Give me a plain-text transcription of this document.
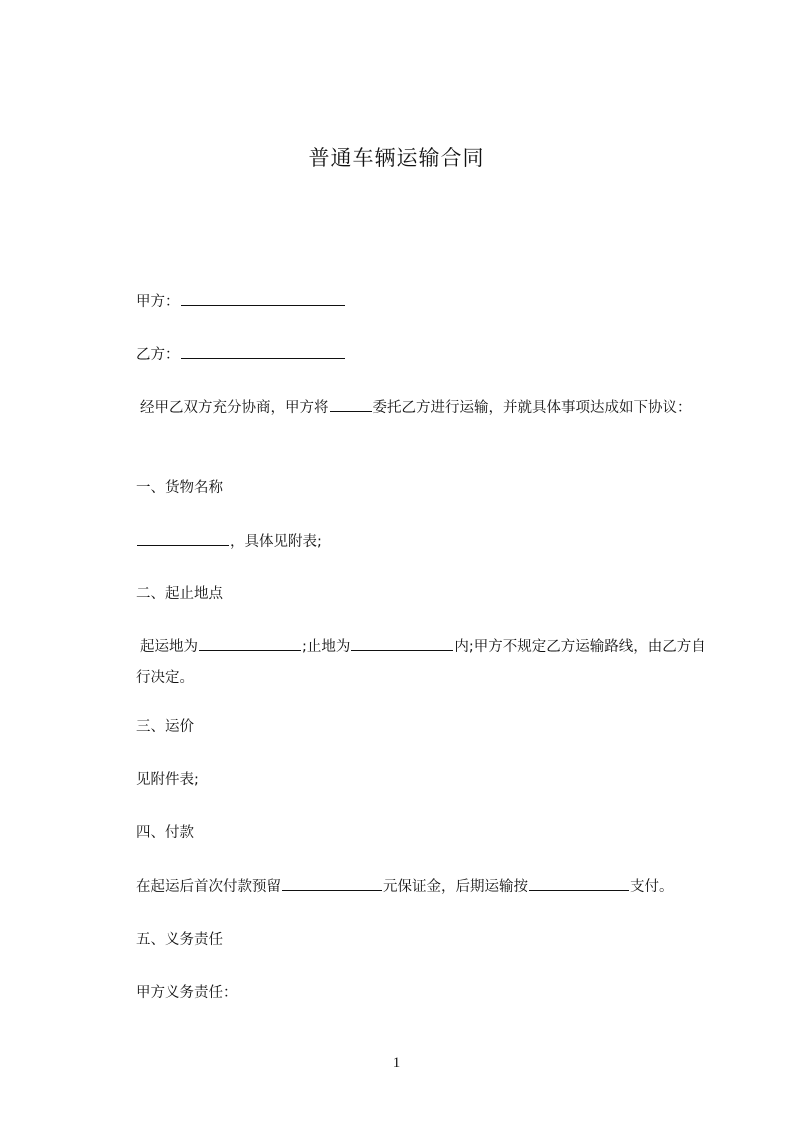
普通车辆运输合同
甲方：
乙方：
经甲乙双方充分协商，甲方将	委托乙方进行运输，并就具体事项达成如下协议：
一、货物名称
，具体见附表;
二、起止地点
起运地为	;止地为	内;甲方不规定乙方运输路线，由乙方自行决定。
三、运价
见附件表;
四、付款
在起运后首次付款预留	元保证金，后期运输按	支付。
五、义务责任
甲方义务责任：
1
